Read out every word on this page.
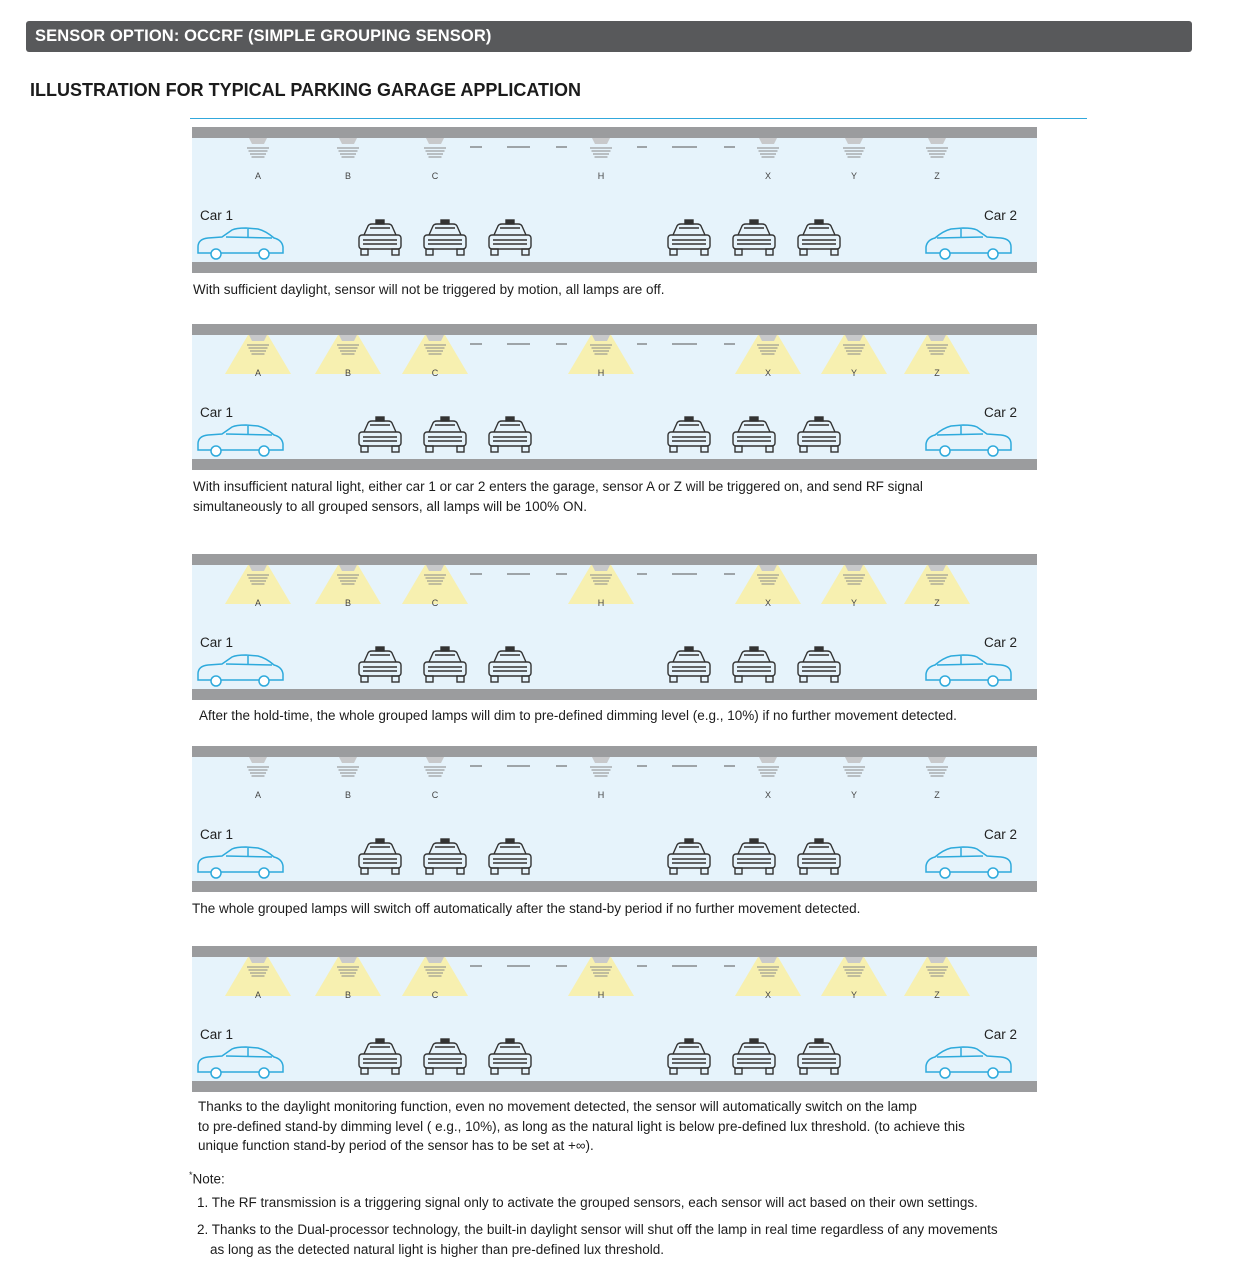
SENSOR OPTION: OCCRF (SIMPLE GROUPING SENSOR)
ILLUSTRATION FOR TYPICAL PARKING GARAGE APPLICATION
A	B	C	H	X	Y	Z
Car 1	Car 2
With sufficient daylight, sensor will not be triggered by motion, all lamps are off.
A	B	C	H	X	Y	Z
Car 1	Car 2
With insufficient natural light, either car 1 or car 2 enters the garage, sensor A or Z will be triggered on, and send RF signal
simultaneously to all grouped sensors, all lamps will be 100% ON.
A	B	C	H	X	Y	Z
Car 1	Car 2
After the hold-time, the whole grouped lamps will dim to pre-defined dimming level (e.g., 10%) if no further movement detected.
A	B	C	H	X	Y	Z
Car 1	Car 2
The whole grouped lamps will switch off automatically after the stand-by period if no further movement detected.
A	B	C	H	X	Y	Z
Car 1	Car 2
Thanks to the daylight monitoring function, even no movement detected, the sensor will automatically switch on the lamp
to pre-defined stand-by dimming level ( e.g., 10%), as long as the natural light is below pre-defined lux threshold. (to achieve this
unique function stand-by period of the sensor has to be set at +∞).
*Note:
1. The RF transmission is a triggering signal only to activate the grouped sensors, each sensor will act based on their own settings.
2. Thanks to the Dual-processor technology, the built-in daylight sensor will shut off the lamp in real time regardless of any movements
as long as the detected natural light is higher than pre-defined lux threshold.
